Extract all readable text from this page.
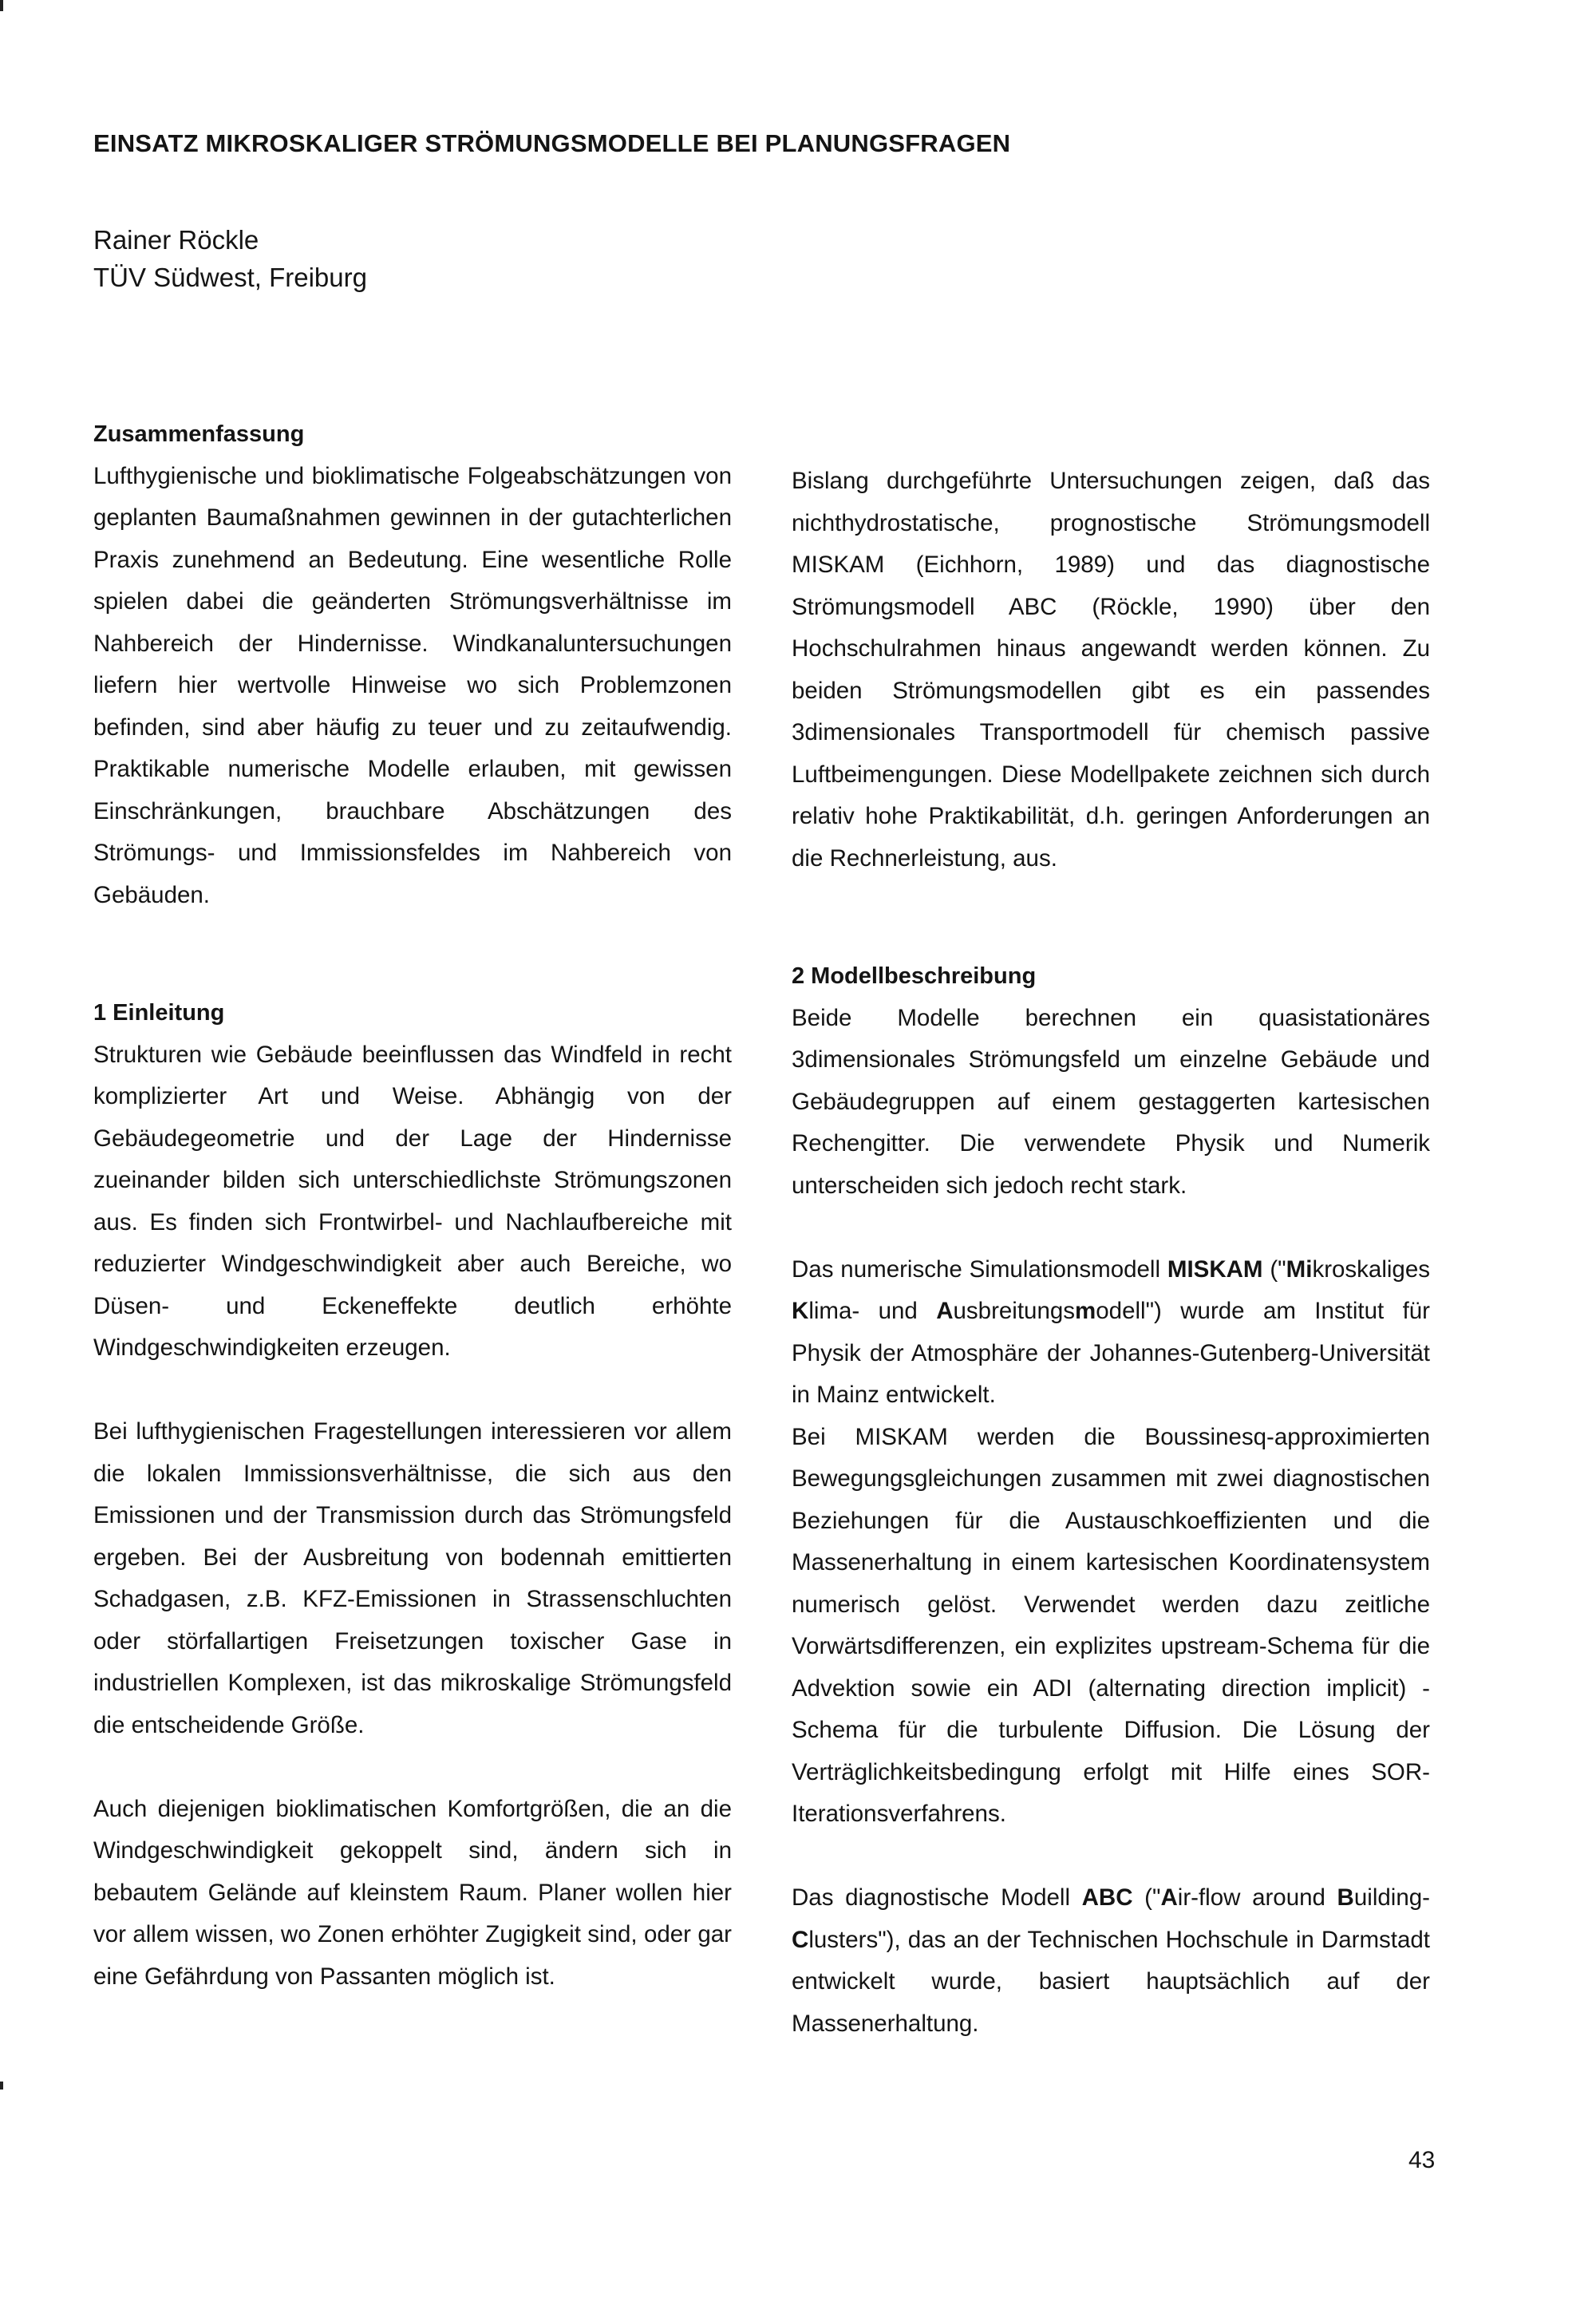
EINSATZ MIKROSKALIGER STRÖMUNGSMODELLE BEI PLANUNGSFRAGEN
Rainer Röckle
TÜV Südwest, Freiburg
Zusammenfassung

Lufthygienische und bioklimatische Folgeabschätzungen von geplanten Baumaßnahmen gewinnen in der gutachterlichen Praxis zunehmend an Bedeutung. Eine wesentliche Rolle spielen dabei die geänderten Strömungsverhältnisse im Nahbereich der Hindernisse. Windkanaluntersuchungen liefern hier wertvolle Hinweise wo sich Problemzonen befinden, sind aber häufig zu teuer und zu zeitaufwendig. Praktikable numerische Modelle erlauben, mit gewissen Einschränkungen, brauchbare Abschätzungen des Strömungs- und Immissionsfeldes im Nahbereich von Gebäuden.

Bislang durchgeführte Untersuchungen zeigen, daß das nichthydrostatische, prognostische Strömungsmodell MISKAM (Eichhorn, 1989) und das diagnostische Strömungsmodell ABC (Röckle, 1990) über den Hochschulrahmen hinaus angewandt werden können. Zu beiden Strömungsmodellen gibt es ein passendes 3dimensionales Transportmodell für chemisch passive Luftbeimengungen. Diese Modellpakete zeichnen sich durch relativ hohe Praktikabilität, d.h. geringen Anforderungen an die Rechnerleistung, aus.

1 Einleitung

Strukturen wie Gebäude beeinflussen das Windfeld in recht komplizierter Art und Weise. Abhängig von der Gebäudegeometrie und der Lage der Hindernisse zueinander bilden sich unterschiedlichste Strömungszonen aus. Es finden sich Frontwirbel- und Nachlaufbereiche mit reduzierter Windgeschwindigkeit aber auch Bereiche, wo Düsen- und Eckeneffekte deutlich erhöhte Windgeschwindigkeiten erzeugen.

Bei lufthygienischen Fragestellungen interessieren vor allem die lokalen Immissionsverhältnisse, die sich aus den Emissionen und der Transmission durch das Strömungsfeld ergeben. Bei der Ausbreitung von bodennah emittierten Schadgasen, z.B. KFZ-Emissionen in Strassenschluchten oder störfallartigen Freisetzungen toxischer Gase in industriellen Komplexen, ist das mikroskalige Strömungsfeld die entscheidende Größe.

Auch diejenigen bioklimatischen Komfortgrößen, die an die Windgeschwindigkeit gekoppelt sind, ändern sich in bebautem Gelände auf kleinstem Raum. Planer wollen hier vor allem wissen, wo Zonen erhöhter Zugigkeit sind, oder gar eine Gefährdung von Passanten möglich ist.

2 Modellbeschreibung

Beide Modelle berechnen ein quasistationäres 3dimensionales Strömungsfeld um einzelne Gebäude und Gebäudegruppen auf einem gestaggerten kartesischen Rechengitter. Die verwendete Physik und Numerik unterscheiden sich jedoch recht stark.

Das numerische Simulationsmodell MISKAM ("Mikroskaliges Klima- und Ausbreitungsmodell") wurde am Institut für Physik der Atmosphäre der Johannes-Gutenberg-Universität in Mainz entwickelt.

Bei MISKAM werden die Boussinesq-approximierten Bewegungsgleichungen zusammen mit zwei diagnostischen Beziehungen für die Austauschkoeffizienten und die Massenerhaltung in einem kartesischen Koordinatensystem numerisch gelöst. Verwendet werden dazu zeitliche Vorwärtsdifferenzen, ein explizites upstream-Schema für die Advektion sowie ein ADI (alternating direction implicit) - Schema für die turbulente Diffusion. Die Lösung der Verträglichkeitsbedingung erfolgt mit Hilfe eines SOR-Iterationsverfahrens.

Das diagnostische Modell ABC ("Air-flow around Building-Clusters"), das an der Technischen Hochschule in Darmstadt entwickelt wurde, basiert hauptsächlich auf der Massenerhaltung.

43
